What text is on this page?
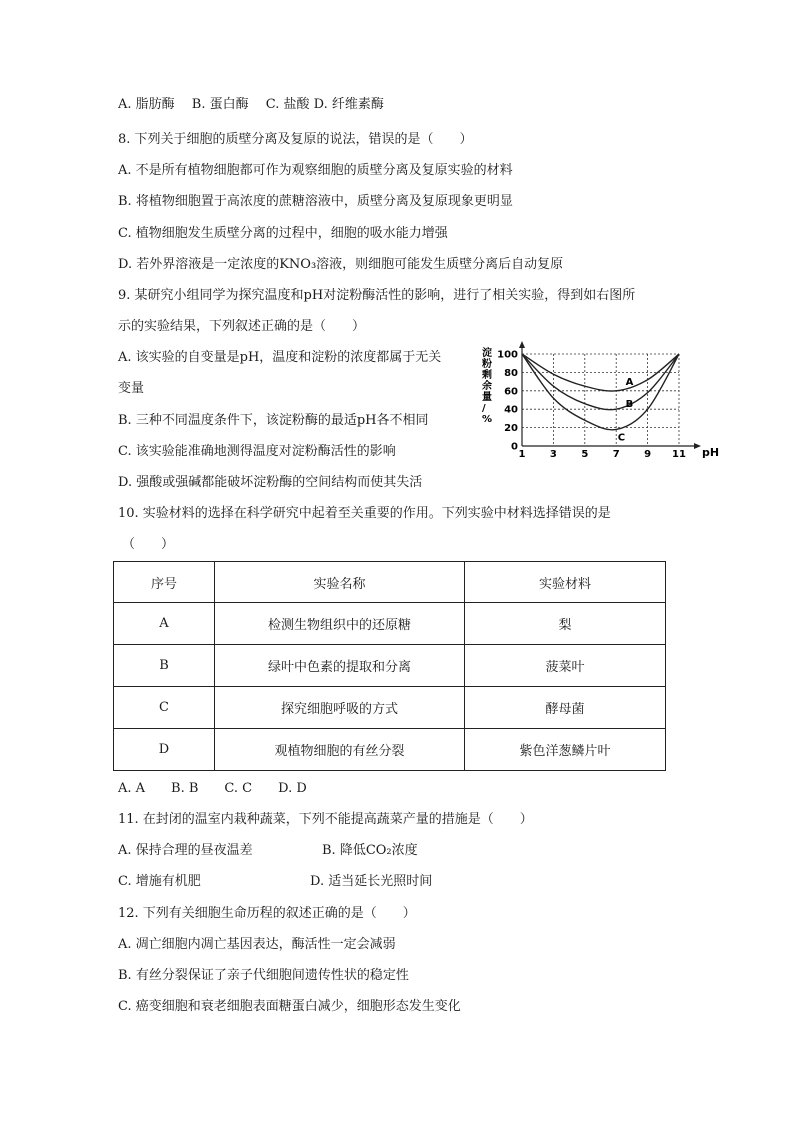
A. 脂肪酶　 B. 蛋白酶　 C. 盐酸 D. 纤维素酶
8. 下列关于细胞的质壁分离及复原的说法，错误的是（　　）
A. 不是所有植物细胞都可作为观察细胞的质壁分离及复原实验的材料
B. 将植物细胞置于高浓度的蔗糖溶液中，质壁分离及复原现象更明显
C. 植物细胞发生质壁分离的过程中，细胞的吸水能力增强
D. 若外界溶液是一定浓度的KNO₃溶液，则细胞可能发生质壁分离后自动复原
9. 某研究小组同学为探究温度和pH对淀粉酶活性的影响，进行了相关实验，得到如右图所
示的实验结果，下列叙述正确的是（　　）
A. 该实验的自变量是pH，温度和淀粉的浓度都属于无关
变量
B. 三种不同温度条件下，该淀粉酶的最适pH各不相同
C. 该实验能准确地测得温度对淀粉酶活性的影响
D. 强酸或强碱都能破坏淀粉酶的空间结构而使其失活
0
20
40
60
80
100
1 3 5 7 9 11
A
B
C
淀粉剩余量/ %
pH
10. 实验材料的选择在科学研究中起着至关重要的作用。下列实验中材料选择错误的是
（　　）
序号	实验名称	实验材料
A	检测生物组织中的还原糖	梨
B	绿叶中色素的提取和分离	菠菜叶
C	探究细胞呼吸的方式	酵母菌
D	观植物细胞的有丝分裂	紫色洋葱鳞片叶
A. A　　B. B　　C. C　　D. D
11. 在封闭的温室内栽种蔬菜，下列不能提高蔬菜产量的措施是（　　）
A. 保持合理的昼夜温差	B. 降低CO₂浓度
C. 增施有机肥	D. 适当延长光照时间
12. 下列有关细胞生命历程的叙述正确的是（　　）
A. 凋亡细胞内凋亡基因表达，酶活性一定会减弱
B. 有丝分裂保证了亲子代细胞间遗传性状的稳定性
C. 癌变细胞和衰老细胞表面糖蛋白减少，细胞形态发生变化
